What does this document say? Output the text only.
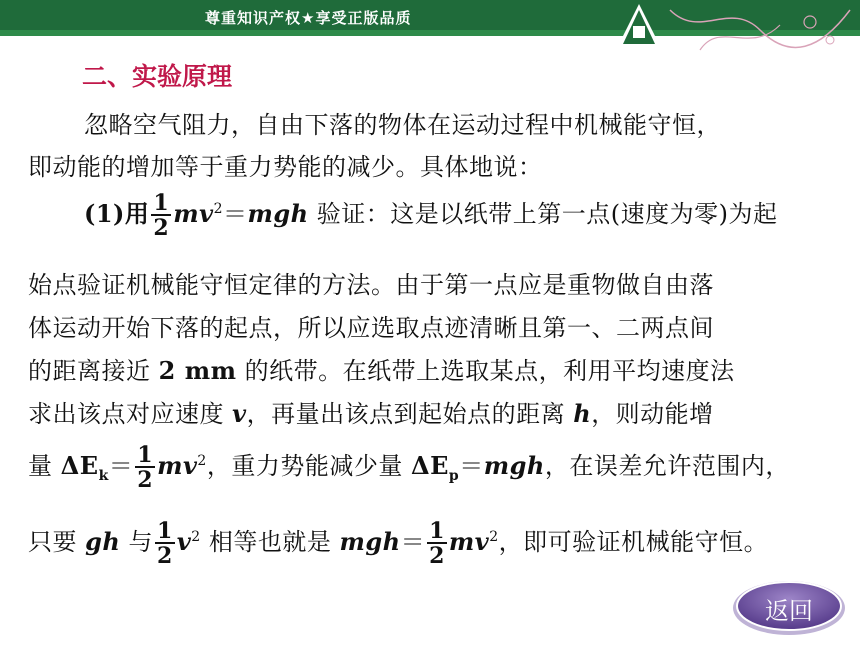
尊重知识产权★享受正版品质
二、实验原理
忽略空气阻力，自由下落的物体在运动过程中机械能守恒，
即动能的增加等于重力势能的减少。具体地说：
(1)用 $\frac{1}{2} mv^2=mgh$ 验证：这是以纸带上第一点(速度为零)为起
始点验证机械能守恒定律的方法。由于第一点应是重物做自由落
体运动开始下落的起点，所以应选取点迹清晰且第一、二两点间
的距离接近 2 mm 的纸带。在纸带上选取某点，利用平均速度法
求出该点对应速度 v，再量出该点到起始点的距离 h，则动能增
量 $\Delta E_k= \frac{1}{2} mv^2$，重力势能减少量 $\Delta E_p=mgh$，在误差允许范围内，
只要 gh 与 $\frac{1}{2} v^2$ 相等也就是 $mgh= \frac{1}{2} mv^2$，即可验证机械能守恒。
返回
